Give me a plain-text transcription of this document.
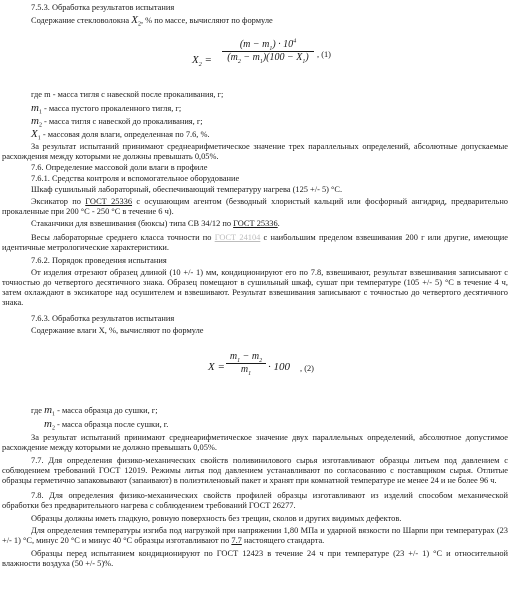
7.5.3. Обработка результатов испытания

Содержание стекловолокна $X_2$, % по массе, вычисляют по формуле

$X_2$ =
$(m - m_1) \cdot 10^4$
$(m_2 - m_1)(100 - X_1)$ , (1)

где m - масса тигля с навеской после прокаливания, г;

$m_1$ - масса пустого прокаленного тигля, г;

$m_2$ - масса тигля с навеской до прокаливания, г;

$X_1$ - массовая доля влаги, определенная по 7.6, %.

За результат испытаний принимают среднеарифметическое значение трех параллельных определений, абсолютные допускаемые расхождения между которыми не должны превышать 0,05%.

7.6. Определение массовой доли влаги в профиле

7.6.1. Средства контроля и вспомогательное оборудование

Шкаф сушильный лабораторный, обеспечивающий температуру нагрева (125 +/- 5) °С.

Эксикатор по ГОСТ 25336 с осушающим агентом (безводный хлористый кальций или фосфорный ангидрид, предварительно прокаленные при 200 °С - 250 °С в течение 6 ч).

Стаканчики для взвешивания (бюксы) типа СВ 34/12 по ГОСТ 25336.

Весы лабораторные среднего класса точности по ГОСТ 24104 с наибольшим пределом взвешивания 200 г или другие, имеющие идентичные метрологические характеристики.

7.6.2. Порядок проведения испытания

От изделия отрезают образец длиной (10 +/- 1) мм, кондиционируют его по 7.8, взвешивают, результат взвешивания записывают с точностью до четвертого десятичного знака. Образец помещают в сушильный шкаф, сушат при температуре (105 +/- 5) °С в течение 4 ч, затем охлаждают в эксикаторе над осушителем и взвешивают. Результат взвешивания записывают с точностью до четвертого десятичного знака.

7.6.3. Обработка результатов испытания

Содержание влаги X, %, вычисляют по формуле

X =
$m_1 - m_2$
$m_1$
· 100 , (2)

где $m_1$ - масса образца до сушки, г;

$m_2$ - масса образца после сушки, г.

За результат испытаний принимают среднеарифметическое значение двух параллельных определений, абсолютное допустимое расхождение между которыми не должно превышать 0,05%.

7.7. Для определения физико-механических свойств поливинилового сырья изготавливают образцы литьем под давлением с соблюдением требований ГОСТ 12019. Режимы литья под давлением устанавливают по согласованию с поставщиком сырья. Отлитые образцы герметично запаковывают (запаивают) в полиэтиленовый пакет и хранят при комнатной температуре не менее 24 и не более 96 ч.

7.8. Для определения физико-механических свойств профилей образцы изготавливают из изделий способом механической обработки без предварительного нагрева с соблюдением требований ГОСТ 26277.

Образцы должны иметь гладкую, ровную поверхность без трещин, сколов и других видимых дефектов.

Для определения температуры изгиба под нагрузкой при напряжении 1,80 МПа и ударной вязкости по Шарпи при температурах (23 +/- 1) °С, минус 20 °С и минус 40 °С образцы изготавливают по 7.7 настоящего стандарта.

Образцы перед испытанием кондиционируют по ГОСТ 12423 в течение 24 ч при температуре (23 +/- 1) °С и относительной влажности воздуха (50 +/- 5)%.
